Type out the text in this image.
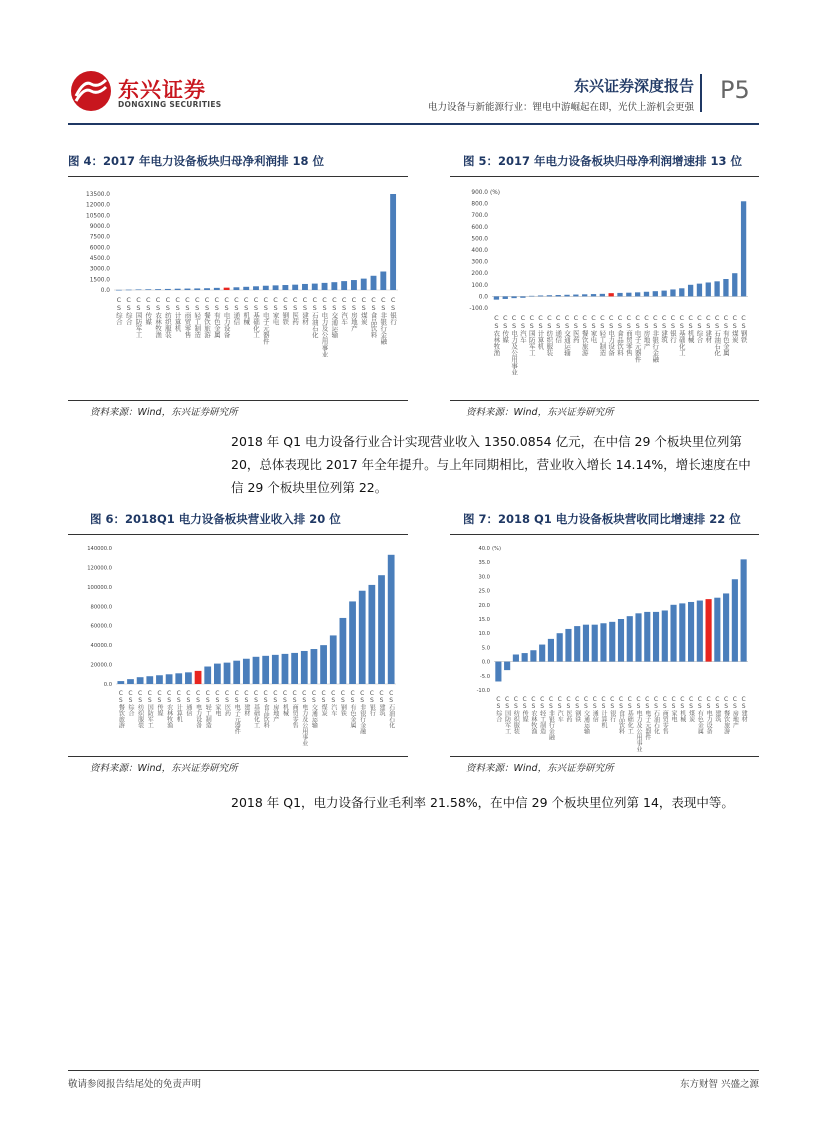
东兴证券
DONGXING SECURITIES
东兴证券深度报告
电力设备与新能源行业：锂电中游崛起在即，光伏上游机会更强
P5
图 4：2017 年电力设备板块归母净利润排 18 位
0.0
1500.0
3000.0
4500.0
6000.0
7500.0
9000.0
10500.0
12000.0
13500.0
CS综合 CS综合 CS国防军工 CS传媒 CS农林牧渔 CS纺织服装 CS计算机 CS商贸零售 CS轻工制造 CS餐饮旅游 CS有色金属 CS电力设备 CS通信 CS机械 CS基础化工 CS电子元器件 CS家电 CS钢铁 CS医药 CS建材 CS石油石化 CS电力及公用事业 CS交通运输 CS汽车 CS房地产 CS煤炭 CS食品饮料 CS非银行金融 CS银行
资料来源：Wind，东兴证券研究所
图 5：2017 年电力设备板块归母净利润增速排 13 位
-100.0
0.0
100.0
200.0
300.0
400.0
500.0
600.0
700.0
800.0
900.0 (%)
CS农林牧渔 CS传媒 CS电力及公用事业 CS汽车 CS国防军工 CS计算机 CS纺织服装 CS通信 CS交通运输 CS医药 CS餐饮旅游 CS家电 CS轻工制造 CS电力设备 CS食品饮料 CS商贸零售 CS电子元器件 CS房地产 CS非银行金融 CS建筑 CS银行 CS基础化工 CS机械 CS综合 CS建材 CS石油石化 CS有色金属 CS煤炭 CS钢铁
资料来源：Wind，东兴证券研究所
2018 年 Q1 电力设备行业合计实现营业收入 1350.0854 亿元，在中信 29 个板块里位列第 20，总体表现比 2017 年全年提升。与上年同期相比，营业收入增长 14.14%，增长速度在中信 29 个板块里位列第 22。
图 6：2018Q1 电力设备板块营业收入排 20 位
0.0
20000.0
40000.0
60000.0
80000.0
100000.0
120000.0
140000.0
CS餐饮旅游 CS综合 CS纺织服装 CS国防军工 CS传媒 CS农林牧渔 CS计算机 CS通信 CS电力设备 CS轻工制造 CS家电 CS医药 CS电子元器件 CS建材 CS基础化工 CS食品饮料 CS房地产 CS机械 CS商贸零售 CS电力及公用事业 CS交通运输 CS煤炭 CS汽车 CS钢铁 CS有色金属 CS非银行金融 CS银行 CS建筑 CS石油石化
资料来源：Wind，东兴证券研究所
图 7：2018 Q1 电力设备板块营收同比增速排 22 位
-10.0
-5.0
0.0
5.0
10.0
15.0
20.0
25.0
30.0
35.0
40.0 (%)
CS综合 CS国防军工 CS纺织服装 CS传媒 CS农林牧渔 CS轻工制造 CS非银行金融 CS汽车 CS医药 CS钢铁 CS交通运输 CS通信 CS计算机 CS银行 CS食品饮料 CS基础化工 CS电力及公用事业 CS电子元器件 CS石油石化 CS商贸零售 CS家电 CS机械 CS煤炭 CS有色金属 CS电力设备 CS建筑 CS餐饮旅游 CS房地产 CS建材
资料来源：Wind，东兴证券研究所
2018 年 Q1，电力设备行业毛利率 21.58%，在中信 29 个板块里位列第 14，表现中等。
敬请参阅报告结尾处的免责声明	东方财智 兴盛之源
